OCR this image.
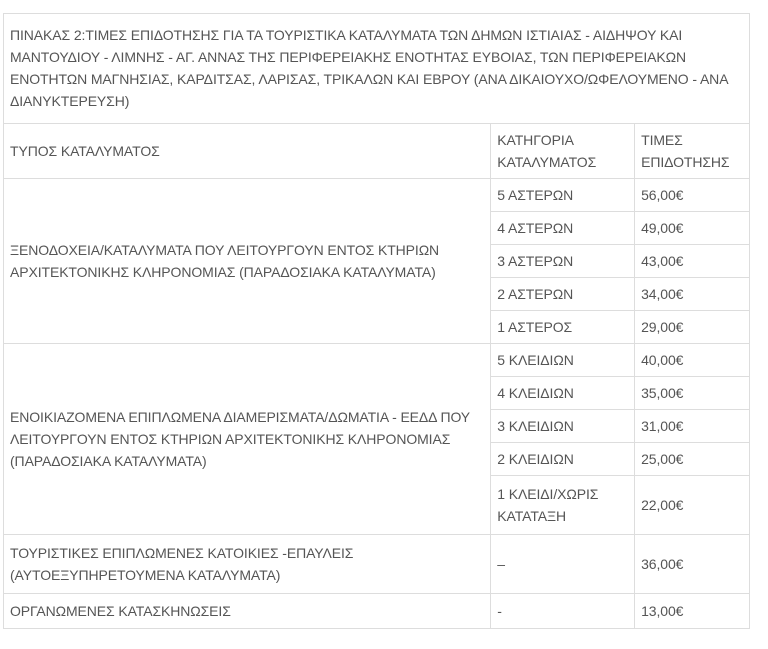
ΠΙΝΑΚΑΣ 2:ΤΙΜΕΣ ΕΠΙΔΟΤΗΣΗΣ ΓΙΑ ΤΑ ΤΟΥΡΙΣΤΙΚΑ ΚΑΤΑΛΥΜΑΤΑ ΤΩΝ ΔΗΜΩΝ ΙΣΤΙΑΙΑΣ - ΑΙΔΗΨΟΥ ΚΑΙ ΜΑΝΤΟΥΔΙΟΥ - ΛΙΜΝΗΣ - ΑΓ. ΑΝΝΑΣ ΤΗΣ ΠΕΡΙΦΕΡΕΙΑΚΗΣ ΕΝΟΤΗΤΑΣ ΕΥΒΟΙΑΣ, ΤΩΝ ΠΕΡΙΦΕΡΕΙΑΚΩΝ ΕΝΟΤΗΤΩΝ ΜΑΓΝΗΣΙΑΣ, ΚΑΡΔΙΤΣΑΣ, ΛΑΡΙΣΑΣ, ΤΡΙΚΑΛΩΝ ΚΑΙ ΕΒΡΟΥ (ΑΝΑ ΔΙΚΑΙΟΥΧΟ/ΩΦΕΛΟΥΜΕΝΟ - ΑΝΑ ΔΙΑΝΥΚΤΕΡΕΥΣΗ)		
ΤΥΠΟΣ ΚΑΤΑΛΥΜΑΤΟΣ	ΚΑΤΗΓΟΡΙΑ ΚΑΤΑΛΥΜΑΤΟΣ	ΤΙΜΕΣ ΕΠΙΔΟΤΗΣΗΣ
ΞΕΝΟΔΟΧΕΙΑ/ΚΑΤΑΛΥΜΑΤΑ ΠΟΥ ΛΕΙΤΟΥΡΓΟΥΝ ΕΝΤΟΣ ΚΤΗΡΙΩΝ ΑΡΧΙΤΕΚΤΟΝΙΚΗΣ ΚΛΗΡΟΝΟΜΙΑΣ (ΠΑΡΑΔΟΣΙΑΚΑ ΚΑΤΑΛΥΜΑΤΑ)	5 ΑΣΤΕΡΩΝ	56,00€
	4 ΑΣΤΕΡΩΝ	49,00€
	3 ΑΣΤΕΡΩΝ	43,00€
	2 ΑΣΤΕΡΩΝ	34,00€
	1 ΑΣΤΕΡΟΣ	29,00€
ΕΝΟΙΚΙΑΖΟΜΕΝΑ ΕΠΙΠΛΩΜΕΝΑ ΔΙΑΜΕΡΙΣΜΑΤΑ/ΔΩΜΑΤΙΑ - ΕΕΔΔ ΠΟΥ ΛΕΙΤΟΥΡΓΟΥΝ ΕΝΤΟΣ ΚΤΗΡΙΩΝ ΑΡΧΙΤΕΚΤΟΝΙΚΗΣ ΚΛΗΡΟΝΟΜΙΑΣ (ΠΑΡΑΔΟΣΙΑΚΑ ΚΑΤΑΛΥΜΑΤΑ)	5 ΚΛΕΙΔΙΩΝ	40,00€
	4 ΚΛΕΙΔΙΩΝ	35,00€
	3 ΚΛΕΙΔΙΩΝ	31,00€
	2 ΚΛΕΙΔΙΩΝ	25,00€
	1 ΚΛΕΙΔΙ/ΧΩΡΙΣ ΚΑΤΑΤΑΞΗ	22,00€
ΤΟΥΡΙΣΤΙΚΕΣ ΕΠΙΠΛΩΜΕΝΕΣ ΚΑΤΟΙΚΙΕΣ -ΕΠΑΥΛΕΙΣ (ΑΥΤΟΕΞΥΠΗΡΕΤΟΥΜΕΝΑ ΚΑΤΑΛΥΜΑΤΑ)	–	36,00€
ΟΡΓΑΝΩΜΕΝΕΣ ΚΑΤΑΣΚΗΝΩΣΕΙΣ	-	13,00€
